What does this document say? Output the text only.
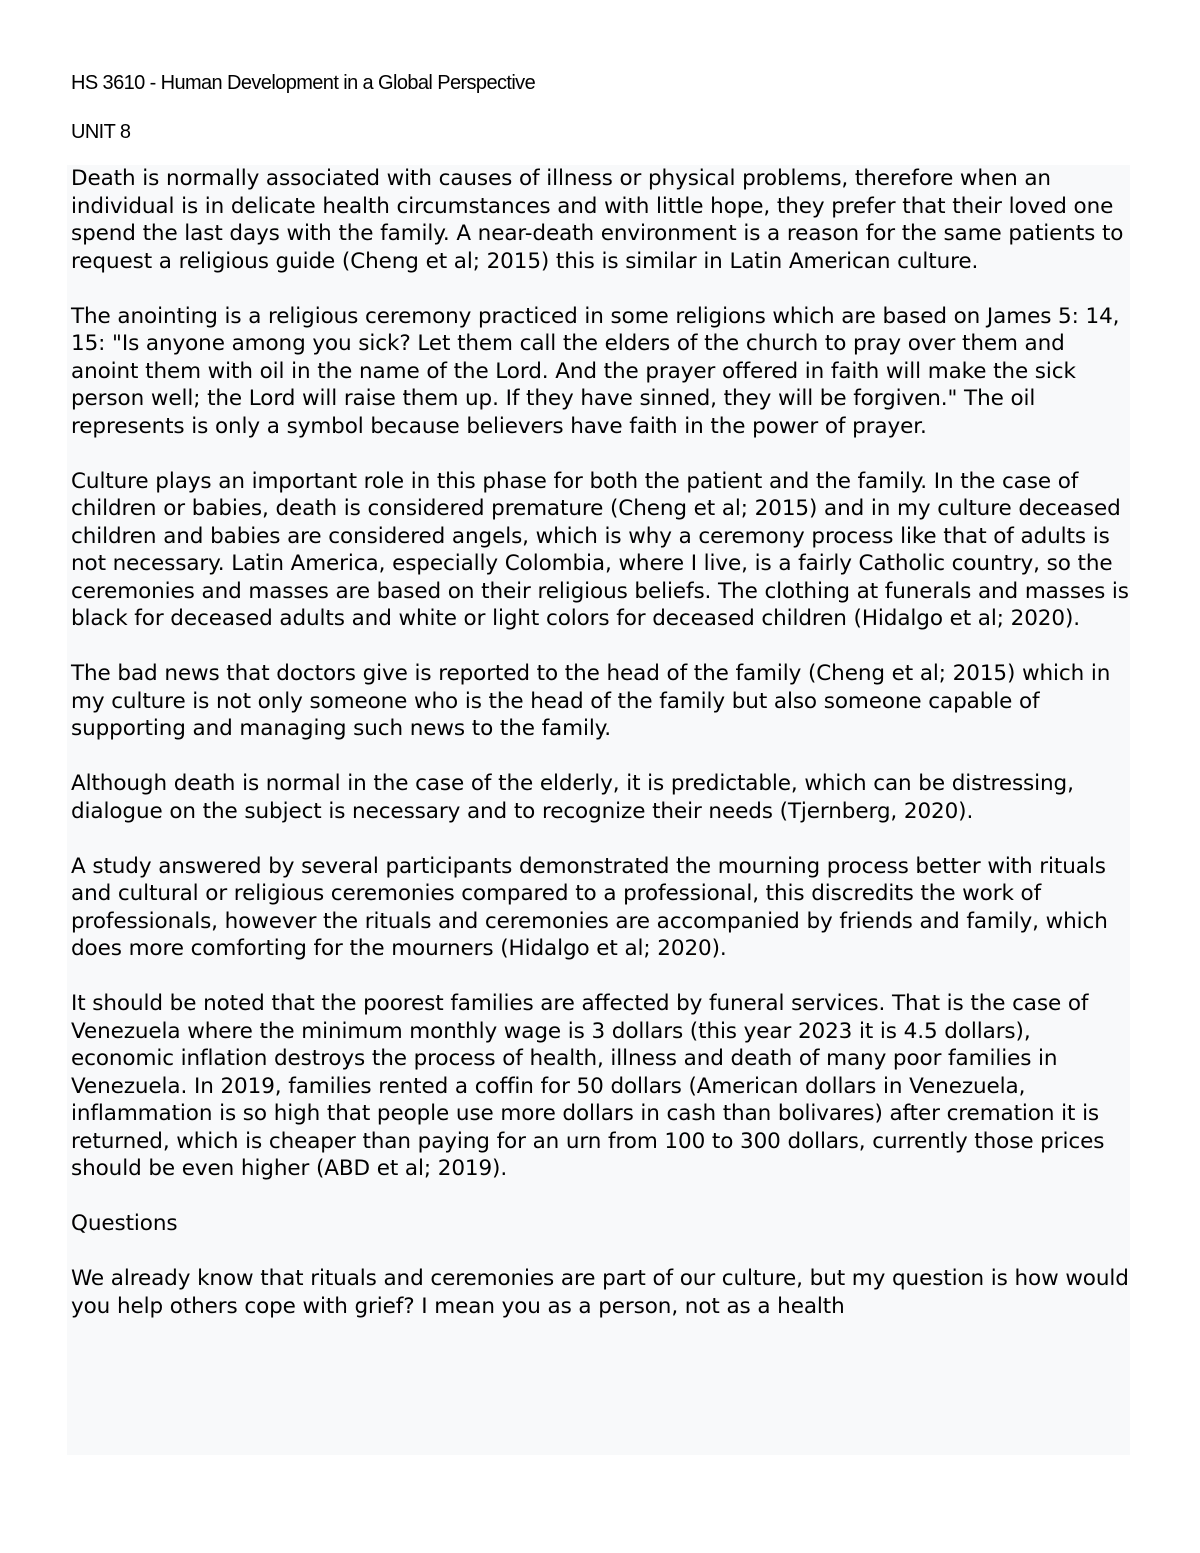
HS 3610 - Human Development in a Global Perspective
UNIT 8

Death is normally associated with causes of illness or physical problems, therefore when an individual is in delicate health circumstances and with little hope, they prefer that their loved one spend the last days with the family. A near-death environment is a reason for the same patients to request a religious guide (Cheng et al; 2015) this is similar in Latin American culture.

The anointing is a religious ceremony practiced in some religions which are based on James 5: 14, 15: "Is anyone among you sick? Let them call the elders of the church to pray over them and anoint them with oil in the name of the Lord. And the prayer offered in faith will make the sick person well; the Lord will raise them up. If they have sinned, they will be forgiven." The oil represents is only a symbol because believers have faith in the power of prayer.

Culture plays an important role in this phase for both the patient and the family. In the case of children or babies, death is considered premature (Cheng et al; 2015) and in my culture deceased children and babies are considered angels, which is why a ceremony process like that of adults is not necessary. Latin America, especially Colombia, where I live, is a fairly Catholic country, so the ceremonies and masses are based on their religious beliefs. The clothing at funerals and masses is black for deceased adults and white or light colors for deceased children (Hidalgo et al; 2020).

The bad news that doctors give is reported to the head of the family (Cheng et al; 2015) which in my culture is not only someone who is the head of the family but also someone capable of supporting and managing such news to the family.

Although death is normal in the case of the elderly, it is predictable, which can be distressing, dialogue on the subject is necessary and to recognize their needs (Tjernberg, 2020).

A study answered by several participants demonstrated the mourning process better with rituals and cultural or religious ceremonies compared to a professional, this discredits the work of professionals, however the rituals and ceremonies are accompanied by friends and family, which does more comforting for the mourners (Hidalgo et al; 2020).

It should be noted that the poorest families are affected by funeral services. That is the case of Venezuela where the minimum monthly wage is 3 dollars (this year 2023 it is 4.5 dollars), economic inflation destroys the process of health, illness and death of many poor families in Venezuela. In 2019, families rented a coffin for 50 dollars (American dollars in Venezuela, inflammation is so high that people use more dollars in cash than bolivares) after cremation it is returned, which is cheaper than paying for an urn from 100 to 300 dollars, currently those prices should be even higher (ABD et al; 2019).

Questions

We already know that rituals and ceremonies are part of our culture, but my question is how would you help others cope with grief? I mean you as a person, not as a health
